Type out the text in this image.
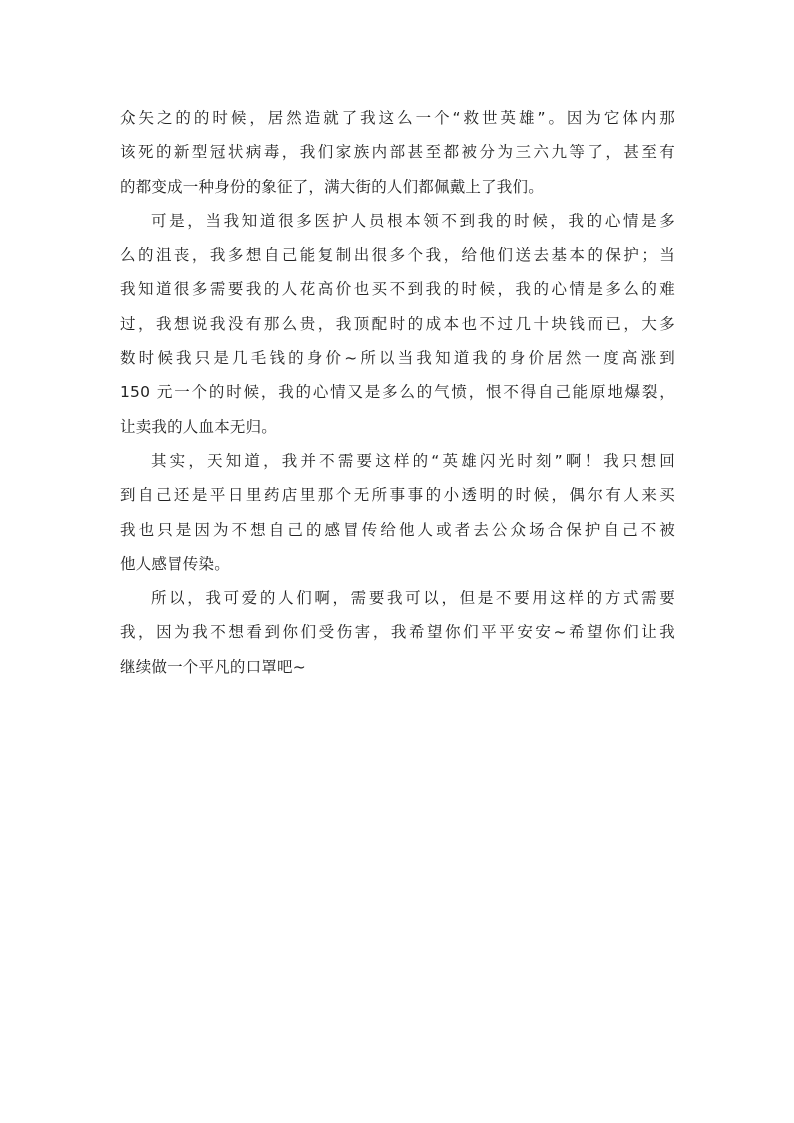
众矢之的的时候，居然造就了我这么一个“救世英雄”。因为它体内那
该死的新型冠状病毒，我们家族内部甚至都被分为三六九等了，甚至有
的都变成一种身份的象征了，满大街的人们都佩戴上了我们。
可是，当我知道很多医护人员根本领不到我的时候，我的心情是多
么的沮丧，我多想自己能复制出很多个我，给他们送去基本的保护；当
我知道很多需要我的人花高价也买不到我的时候，我的心情是多么的难
过，我想说我没有那么贵，我顶配时的成本也不过几十块钱而已，大多
数时候我只是几毛钱的身价~所以当我知道我的身价居然一度高涨到
150 元一个的时候，我的心情又是多么的气愤，恨不得自己能原地爆裂，
让卖我的人血本无归。
其实，天知道，我并不需要这样的“英雄闪光时刻”啊！我只想回
到自己还是平日里药店里那个无所事事的小透明的时候，偶尔有人来买
我也只是因为不想自己的感冒传给他人或者去公众场合保护自己不被
他人感冒传染。
所以，我可爱的人们啊，需要我可以，但是不要用这样的方式需要
我，因为我不想看到你们受伤害，我希望你们平平安安~希望你们让我
继续做一个平凡的口罩吧~
